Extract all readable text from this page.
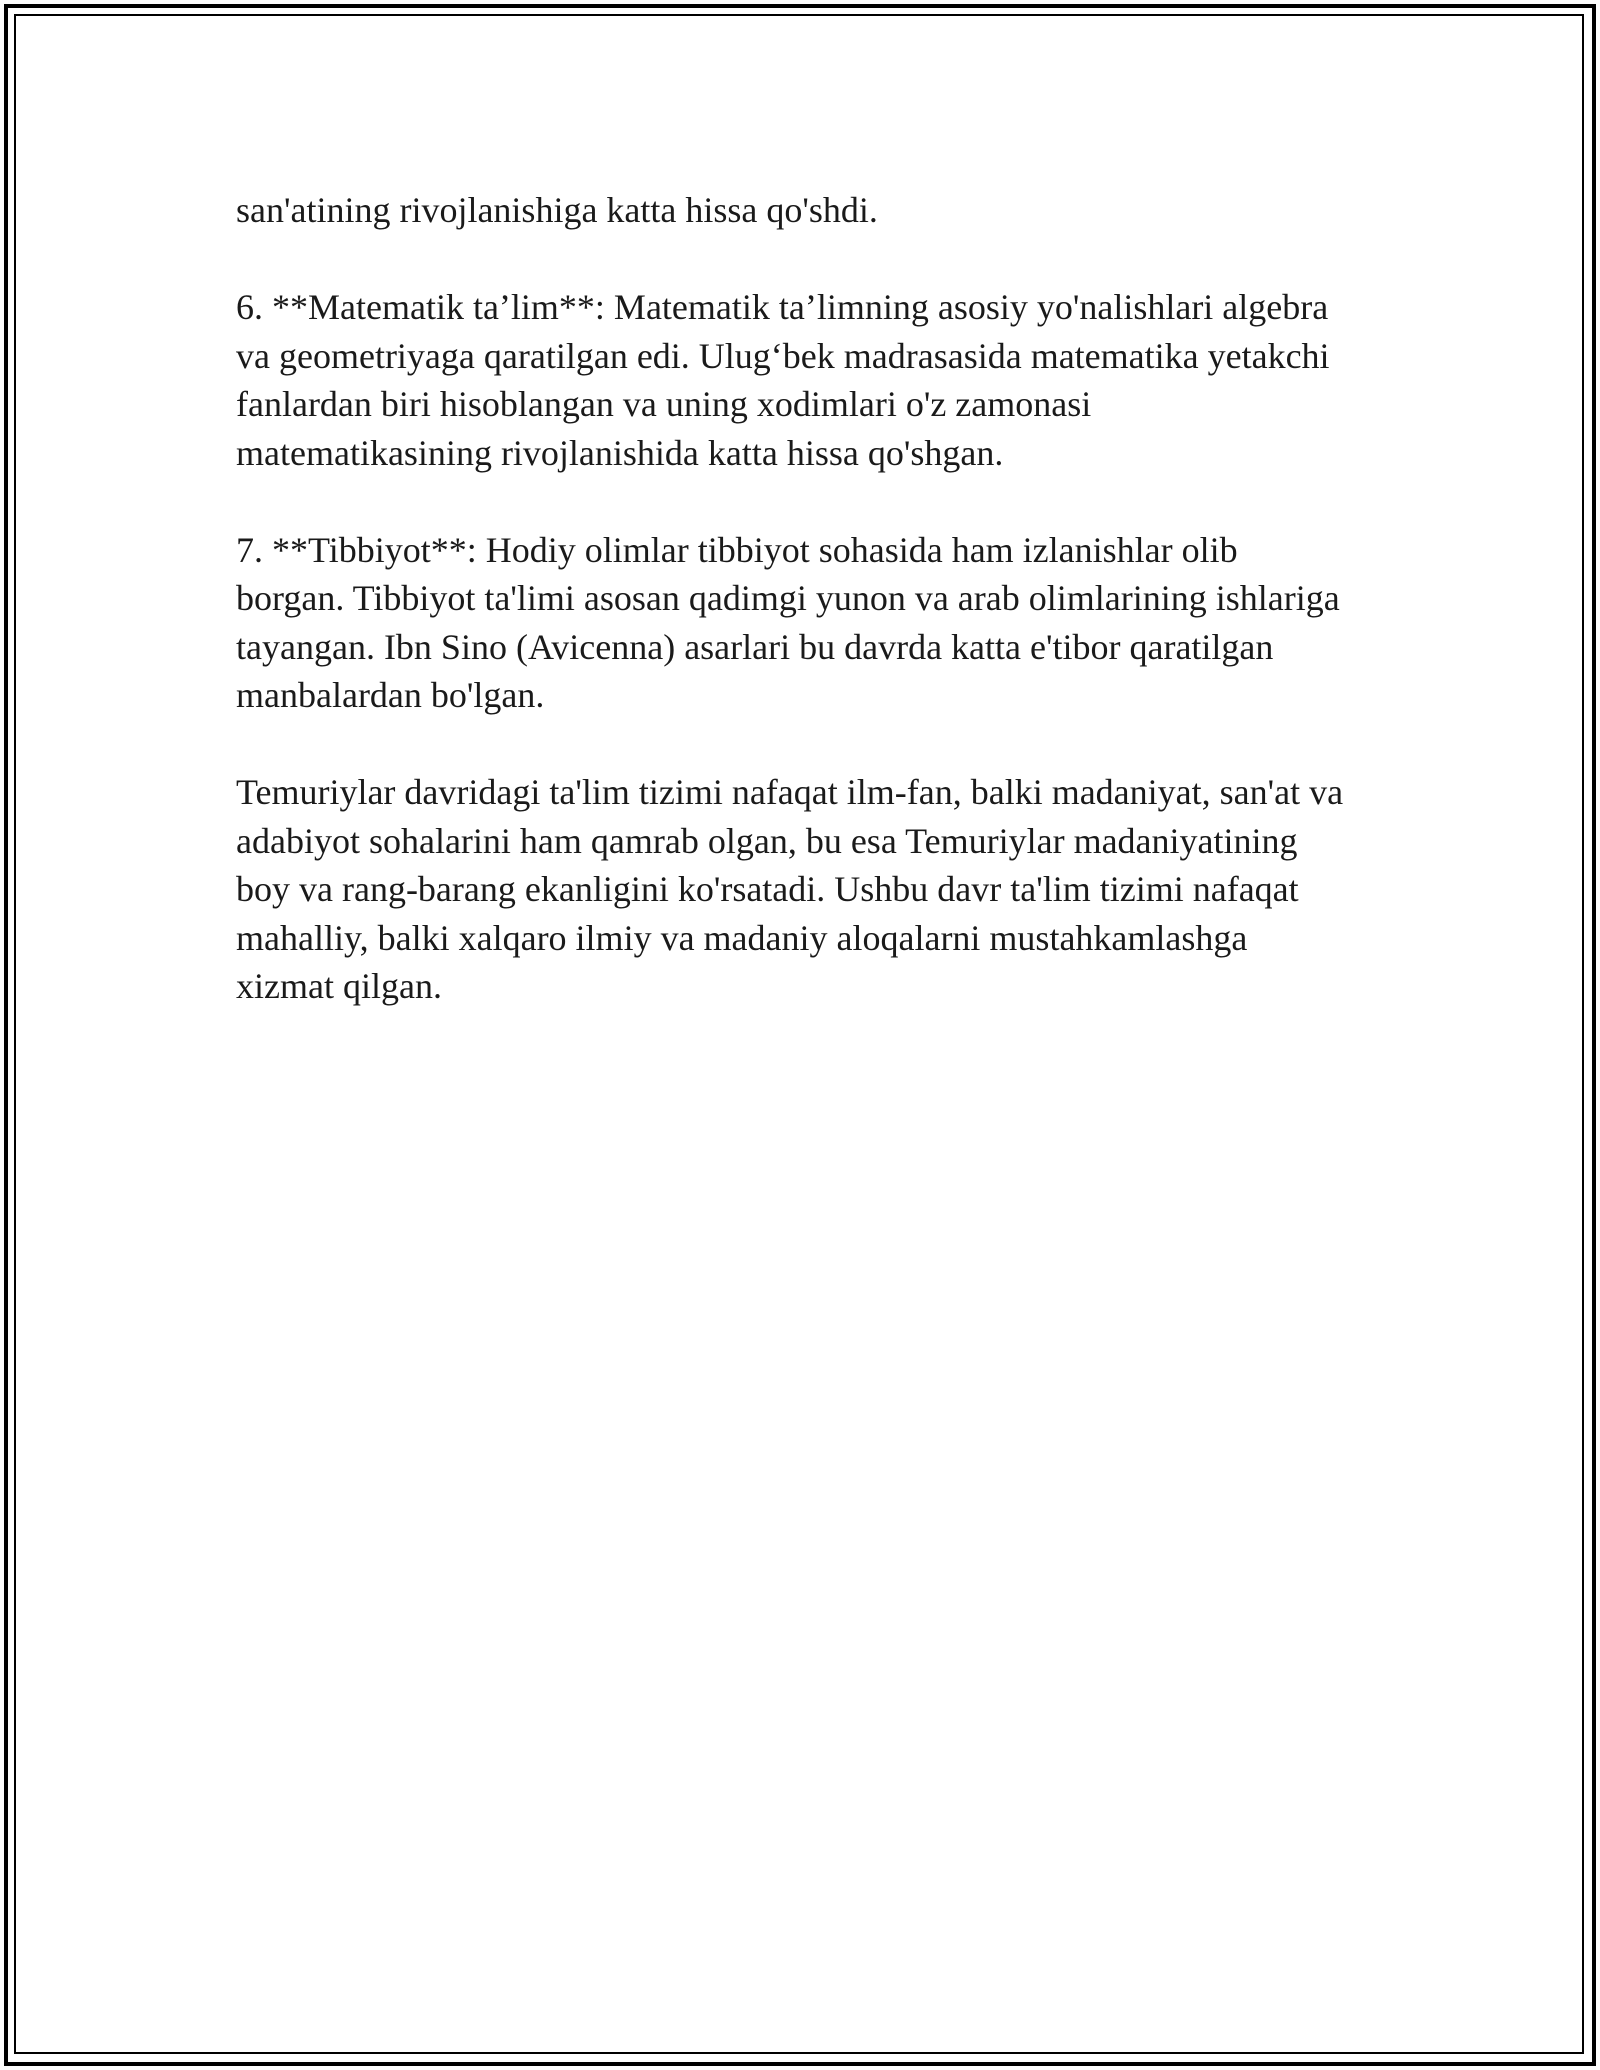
san'atining rivojlanishiga katta hissa qo'shdi.

6. **Matematik ta’lim**: Matematik ta’limning asosiy yo'nalishlari algebra
va geometriyaga qaratilgan edi. Ulug‘bek madrasasida matematika yetakchi
fanlardan biri hisoblangan va uning xodimlari o'z zamonasi
matematikasining rivojlanishida katta hissa qo'shgan.

7. **Tibbiyot**: Hodiy olimlar tibbiyot sohasida ham izlanishlar olib
borgan. Tibbiyot ta'limi asosan qadimgi yunon va arab olimlarining ishlariga
tayangan. Ibn Sino (Avicenna) asarlari bu davrda katta e'tibor qaratilgan
manbalardan bo'lgan.

Temuriylar davridagi ta'lim tizimi nafaqat ilm-fan, balki madaniyat, san'at va
adabiyot sohalarini ham qamrab olgan, bu esa Temuriylar madaniyatining
boy va rang-barang ekanligini ko'rsatadi. Ushbu davr ta'lim tizimi nafaqat
mahalliy, balki xalqaro ilmiy va madaniy aloqalarni mustahkamlashga
xizmat qilgan.
